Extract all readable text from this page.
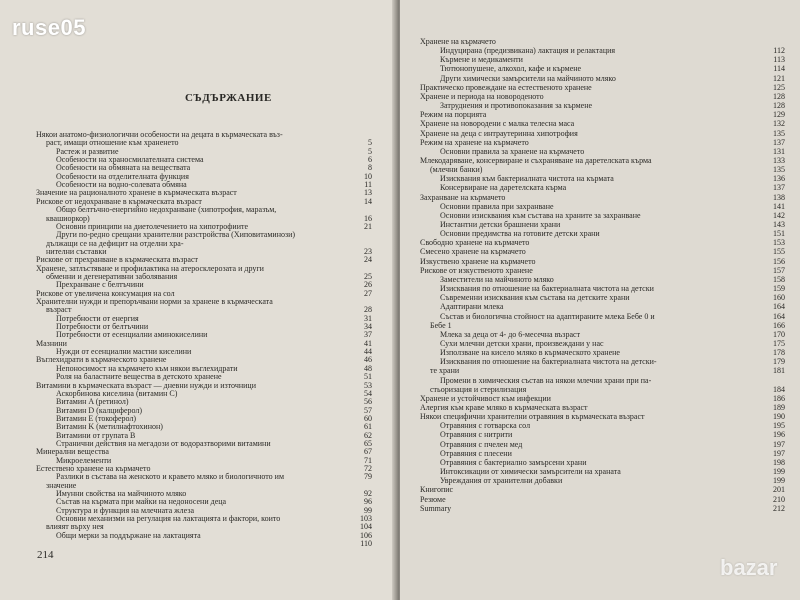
ruse05
СЪДЪРЖАНИЕ
Някои анатомо-физиологични особености на децата в кърмаческата въз-
раст, имащи отношение към храненето	5
Растеж и развитие	5
Особености на храносмилателната система	6
Особености на обмяната на веществата	8
Особености на отделителната функция	10
Особености на водно-солевата обмяна	11
Значение на рационалното хранене в кърмаческата възраст	13
Рискове от недохранване в кърмаческата възраст	14
Общо белтъчно-енергийно недохранване (хипотрофия, маразъм,
квашиоркор)	16
Основни принципи на диетолечението на хипотрофиите	21
Други по-редно срещани хранителни разстройства (Хиповитаминози)
дължащи се на дефицит на отделни хра-
нителни съставки	23
Рискове от прехранване в кърмаческата възраст	24
Хранене, затлъстяване и профилактика на атеросклерозата и други
обменни и дегенеративни заболявания	25
Прехранване с белтъчини	26
Рискове от увеличена консумация на сол	27
Хранителни нужди и препоръчвани норми за хранене в кърмаческата
възраст	28
Потребности от енергия	31
Потребности от белтъчини	34
Потребности от есенциални аминокиселини	37
Мазнини	41
Нужди от есенциални мастни киселини	44
Въглехидрати в кърмаческото хранене	46
Непоносимост на кърмачето към някои въглехидрати	48
Роля на баластните вещества в детското хранене	51
Витамини в кърмаческата възраст — дневни нужди и източници	53
Аскорбинова киселина (витамин C)	54
Витамин A (ретинол)	56
Витамин D (калциферол)	57
Витамин E (токоферол)	60
Витамин K (метилнафтохинон)	61
Витамини от групата B	62
Странични действия на мегадози от водоразтворими витамини	65
Минерални вещества	67
Микроелементи	71
Естествено хранене на кърмачето	72
Разлики в състава на женското и кравето мляко и биологичното им	79
значение
Имунни свойства на майчиното мляко	92
Състав на кърмата при майки на недоносени деца	96
Структура и функция на млечната жлеза	99
Основни механизми на регулация на лактацията и фактори, които	103
влияят върху нея	104
Общи мерки за поддържане на лактацията	106
110
214
Хранене на кърмачето
Индуцирана (предизвикана) лактация и релактация	112
Кърмене и медикаменти	113
Тютюнопушене, алкохол, кафе и кърмене	114
Други химически замърсители на майчиното мляко	121
Практическо провеждане на естественото хранене	125
Хранене и периода на новороденото	128
Затруднения и противопоказания за кърмене	128
Режим на порцията	129
Хранене на новородени с малка телесна маса	132
Хранене на деца с интраутеринна хипотрофия	135
Режим на хранене на кърмачето	137
Основни правила за хранене на кърмачето	131
Млекодаряване, консервиране и съхраняване на даретелската кърма	133
(млечни банки)	135
Изисквания към бактериалната чистота на кърмата	136
Консервиране на даретелската кърма	137
Захранване на кърмачето	138
Основни правила при захранване	141
Основни изисквания към състава на храните за захранване	142
Инстантни детски брашнени храни	143
Основни предимства на готовите детски храни	151
Свободно хранене на кърмачето	153
Смесено хранене на кърмачето	155
Изкуствено хранене на кърмачето	156
Рискове от изкуственото хранене	157
Заместители на майчиното мляко	158
Изисквания по отношение на бактериалната чистота на детски	159
Съвременни изисквания към състава на детските храни	160
Адаптирани млека	164
Състав и биологична стойност на адаптираните млека Бебе 0 и	164
Бебе 1	166
Млека за деца от 4- до 6-месечна възраст	170
Сухи млечни детски храни, произвеждани у нас	175
Използване на кисело мляко в кърмаческото хранене	178
Изисквания по отношение на бактериалната чистота на детски-	179
те храни	181
Промени в химическия състав на някои млечни храни при па-
стьоризация и стерилизация	184
Хранене и устойчивост към инфекции	186
Алергия към краве мляко в кърмаческата възраст	189
Някои специфични хранителни отравяния в кърмаческата възраст	190
Отравяния с готварска сол	195
Отравяния с нитрити	196
Отравяния с пчелен мед	197
Отравяния с плесени	197
Отравяния с бактериално замърсени храни	198
Интоксикации от химически замърсители на храната	199
Увреждания от хранителни добавки	199
Книгопис	201
Резюме	210
Summary	212
bazar
